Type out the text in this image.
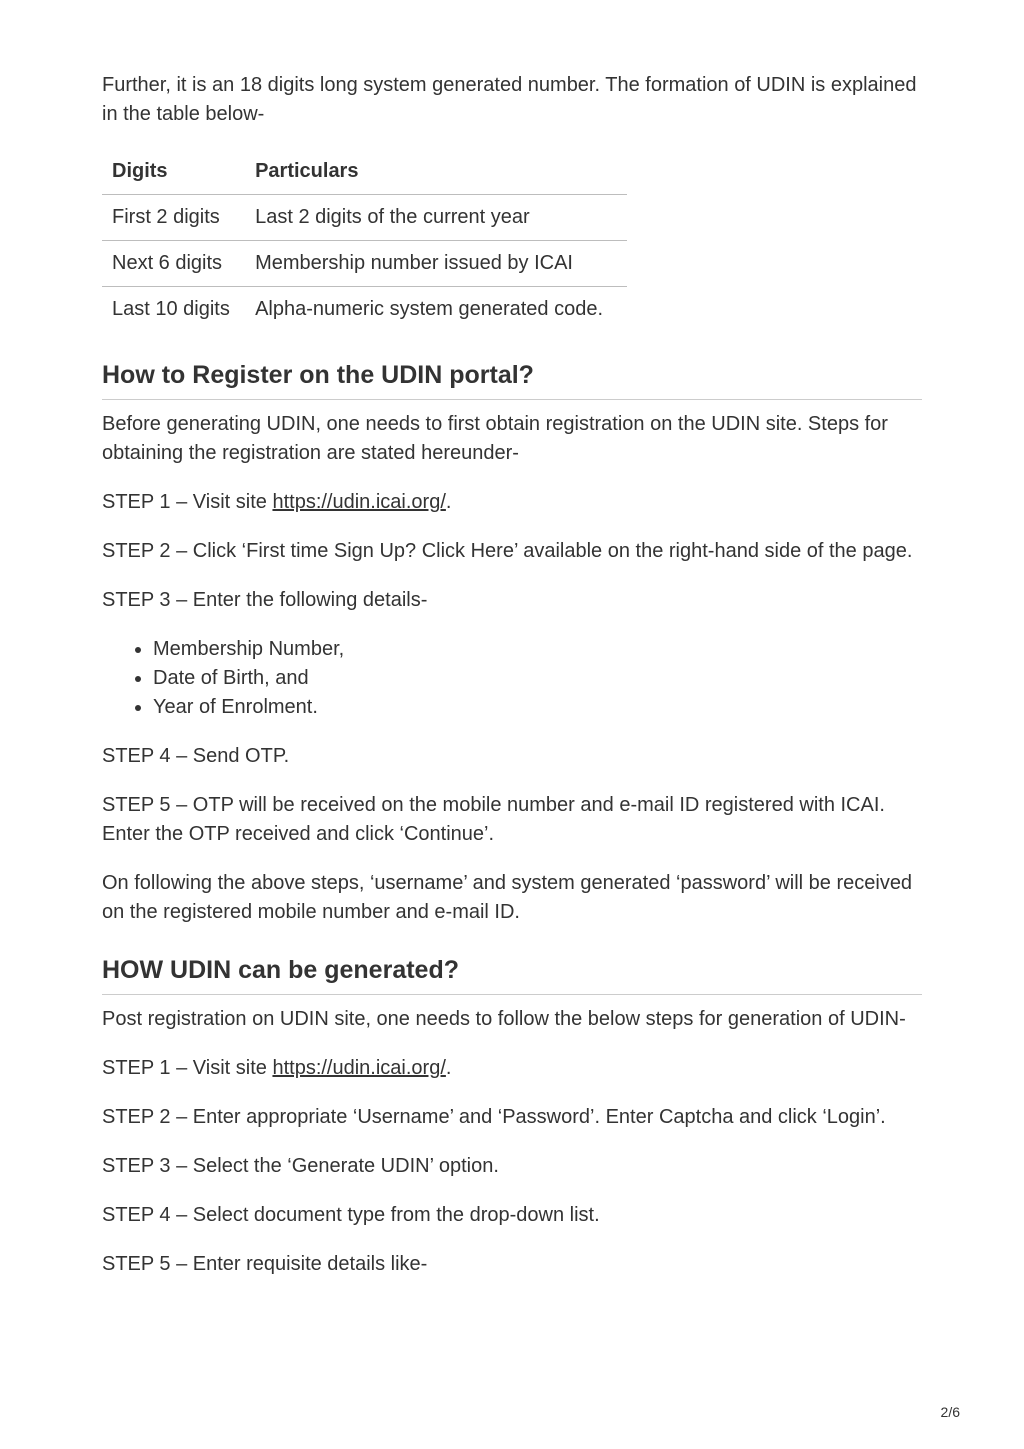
Further, it is an 18 digits long system generated number. The formation of UDIN is explained in the table below-

Digits	Particulars
First 2 digits	Last 2 digits of the current year
Next 6 digits	Membership number issued by ICAI
Last 10 digits	Alpha-numeric system generated code.
How to Register on the UDIN portal?

Before generating UDIN, one needs to first obtain registration on the UDIN site. Steps for obtaining the registration are stated hereunder-

STEP 1 – Visit site https://udin.icai.org/.

STEP 2 – Click ‘First time Sign Up? Click Here’ available on the right-hand side of the page.

STEP 3 – Enter the following details-

• Membership Number,
• Date of Birth, and
• Year of Enrolment.

STEP 4 – Send OTP.

STEP 5 – OTP will be received on the mobile number and e-mail ID registered with ICAI. Enter the OTP received and click ‘Continue’.

On following the above steps, ‘username’ and system generated ‘password’ will be received on the registered mobile number and e-mail ID.

HOW UDIN can be generated?

Post registration on UDIN site, one needs to follow the below steps for generation of UDIN-

STEP 1 – Visit site https://udin.icai.org/.

STEP 2 – Enter appropriate ‘Username’ and ‘Password’. Enter Captcha and click ‘Login’.

STEP 3 – Select the ‘Generate UDIN’ option.

STEP 4 – Select document type from the drop-down list.

STEP 5 – Enter requisite details like-

2/6
